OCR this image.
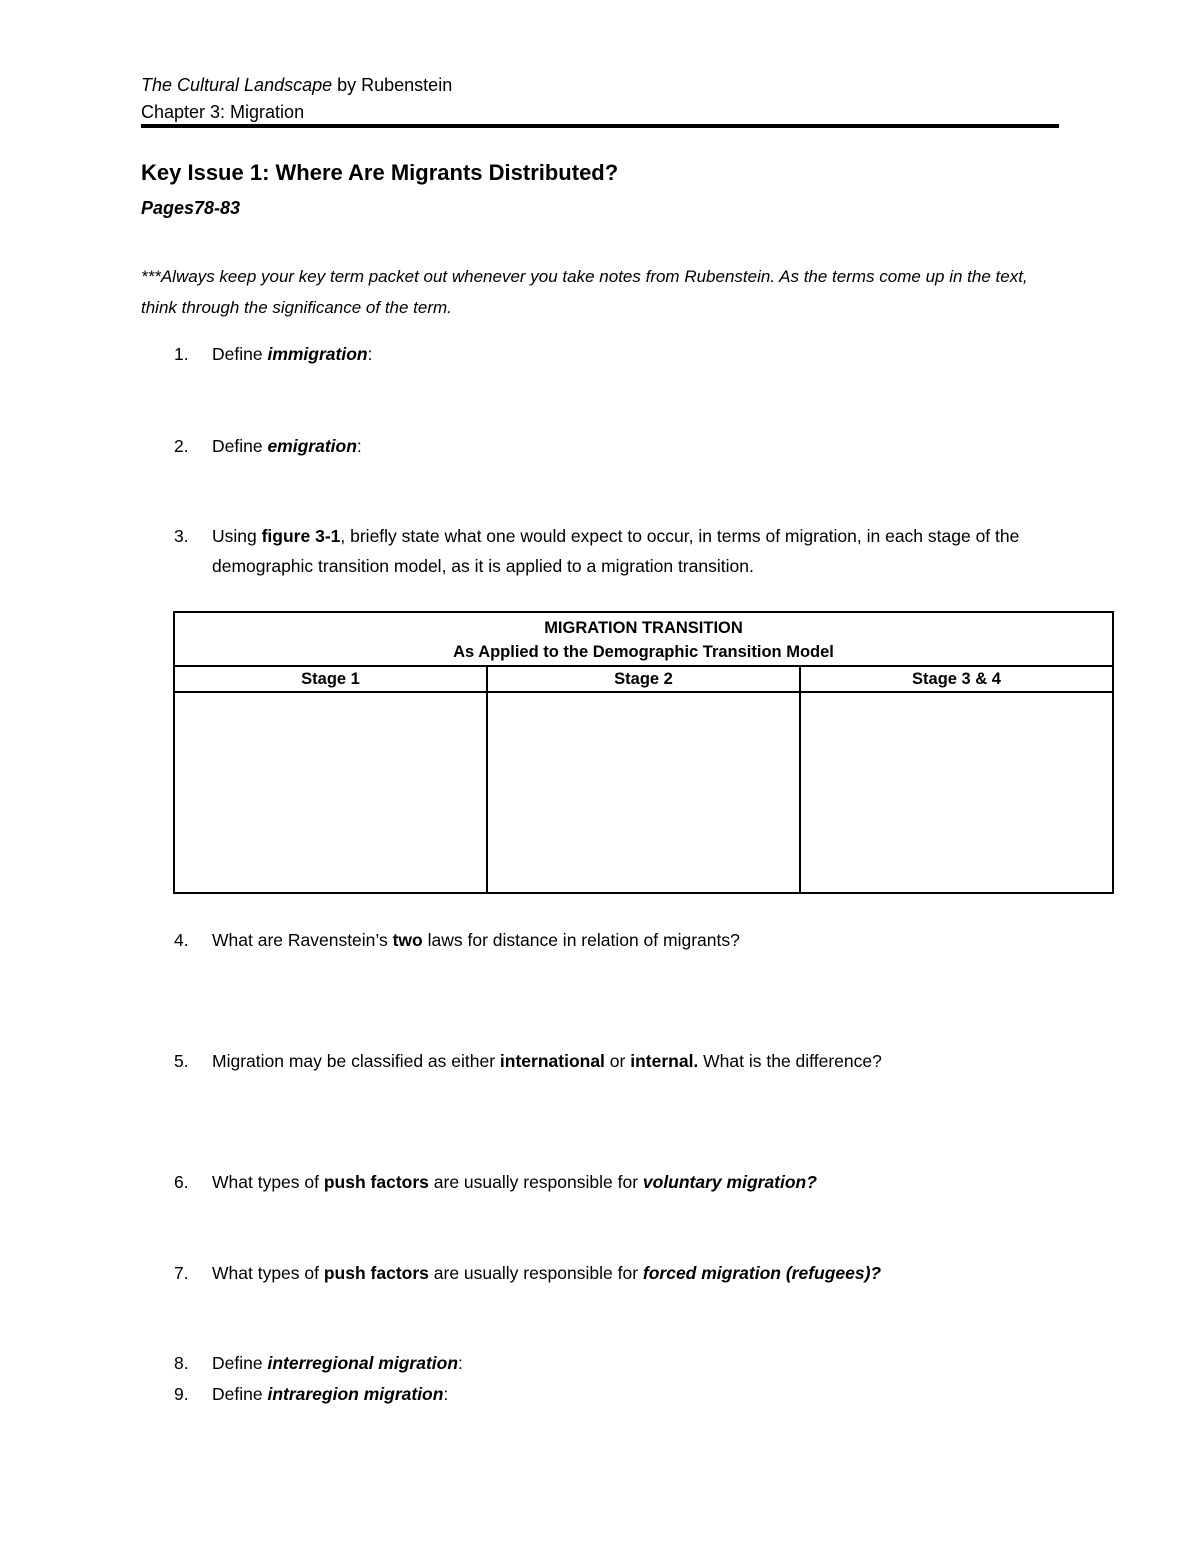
The Cultural Landscape by Rubenstein
Chapter 3: Migration
Key Issue 1: Where Are Migrants Distributed?
Pages78-83
***Always keep your key term packet out whenever you take notes from Rubenstein. As the terms come up in the text, think through the significance of the term.
1.	Define immigration:
2.	Define emigration:
3.	Using figure 3-1, briefly state what one would expect to occur, in terms of migration, in each stage of the demographic transition model, as it is applied to a migration transition.
MIGRATION TRANSITION
As Applied to the Demographic Transition Model		

Stage 1	Stage 2	Stage 3 & 4

4.	What are Ravenstein’s two laws for distance in relation of migrants?
5.	Migration may be classified as either international or internal. What is the difference?
6.	What types of push factors are usually responsible for voluntary migration?
7.	What types of push factors are usually responsible for forced migration (refugees)?
8.	Define interregional migration:
9.	Define intraregion migration:
